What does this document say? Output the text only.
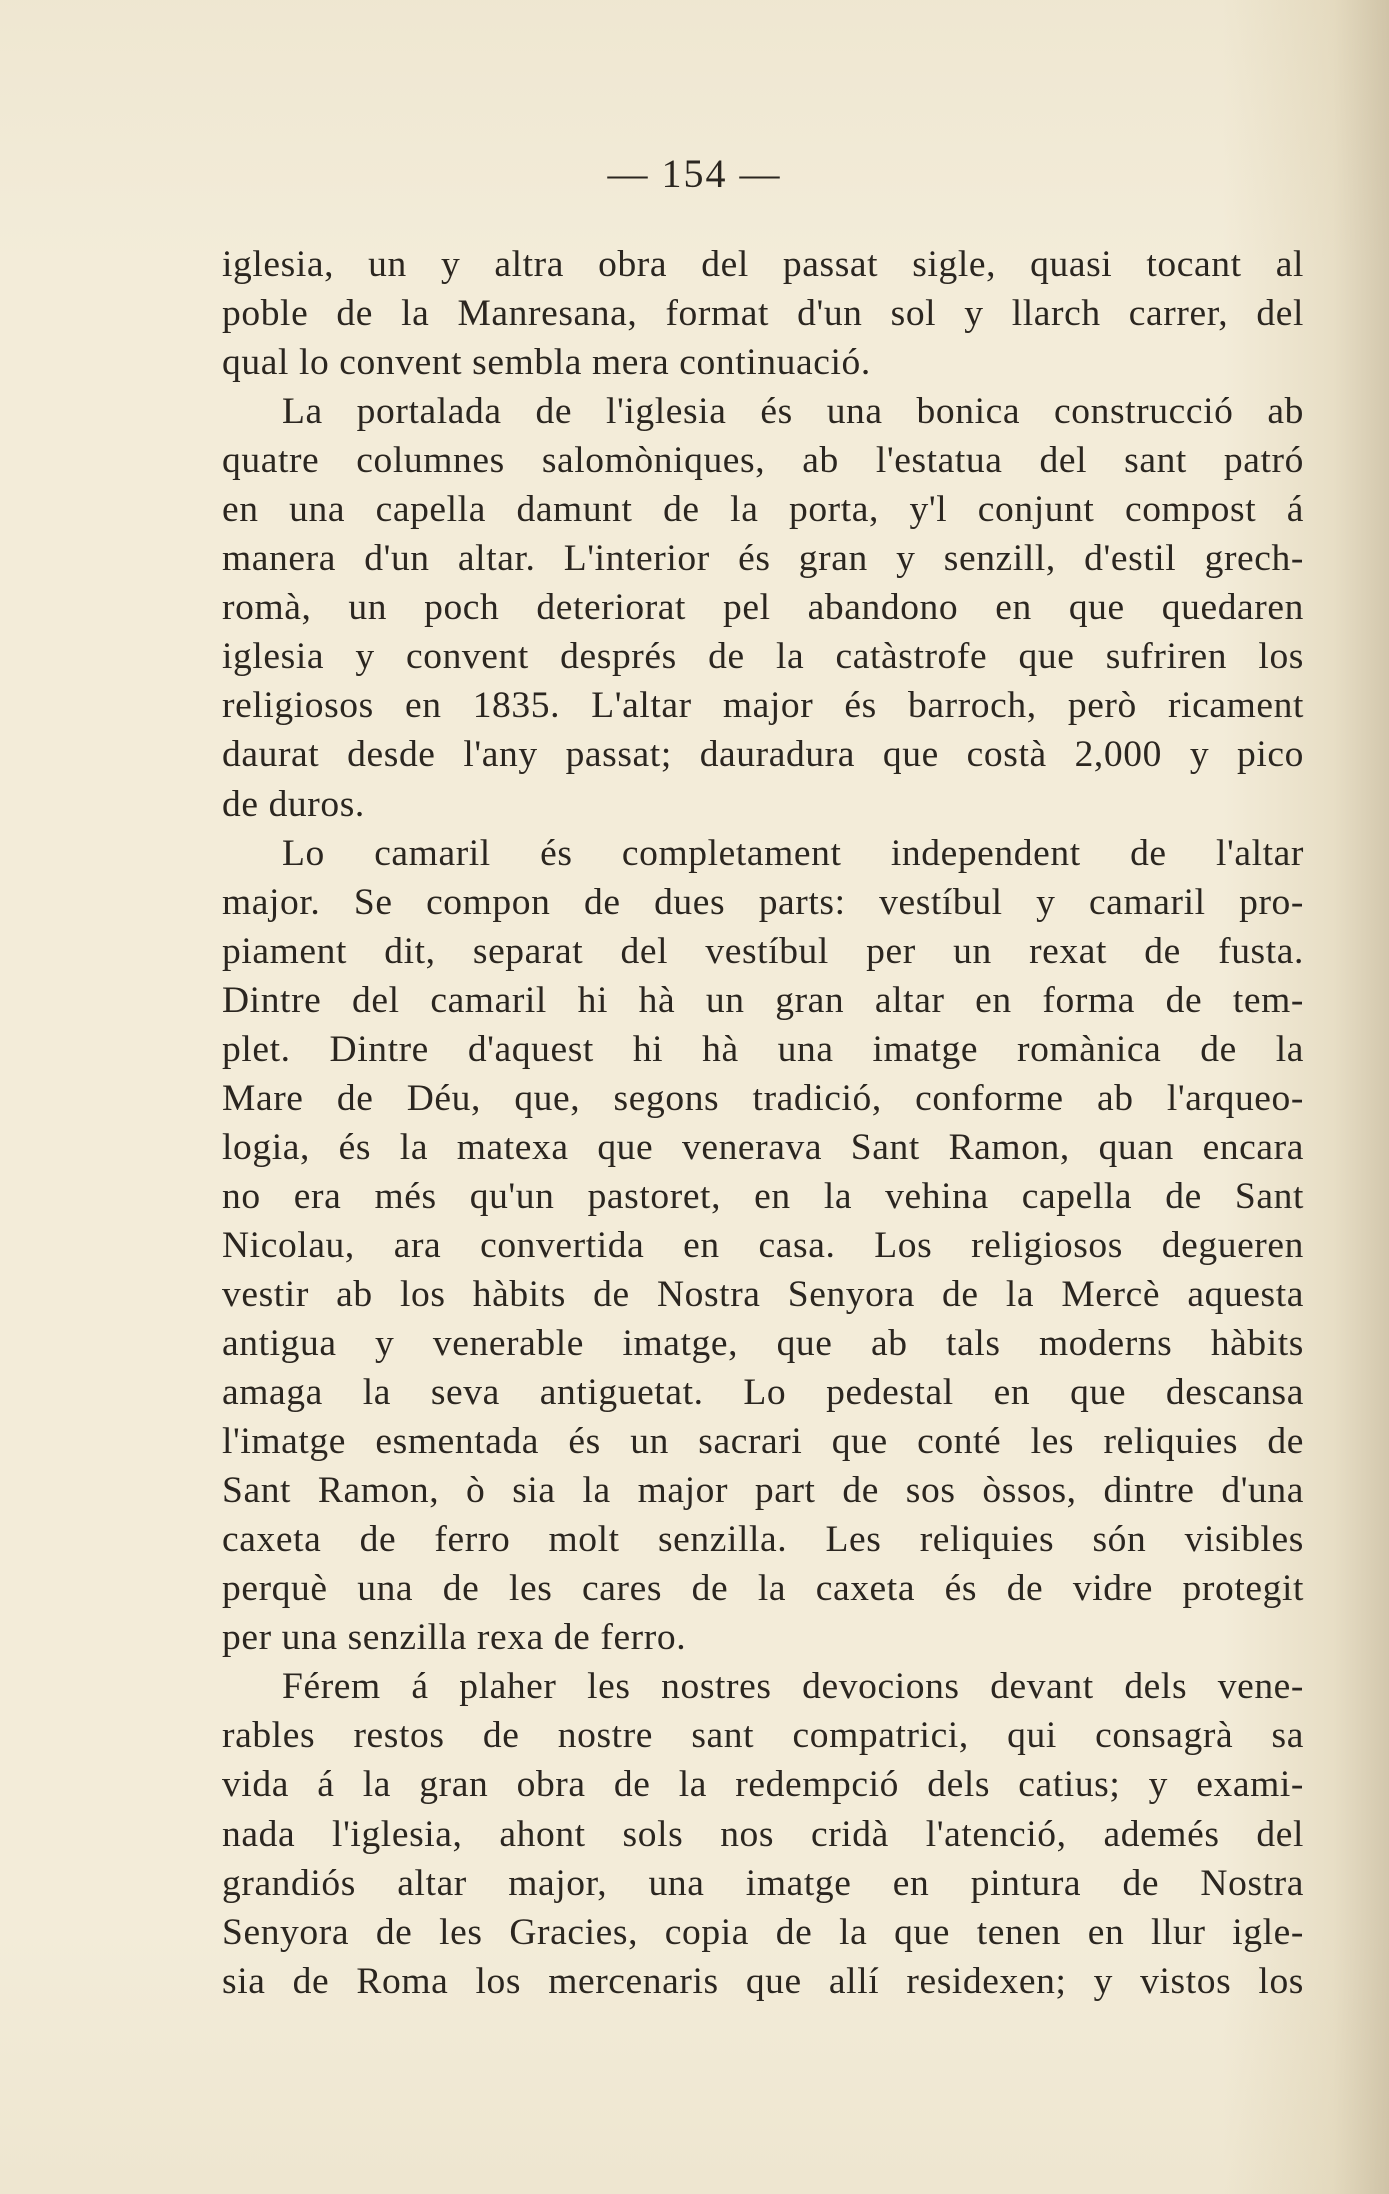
— 154 —
iglesia, un y altra obra del passat sigle, quasi tocant al
poble de la Manresana, format d'un sol y llarch carrer, del
qual lo convent sembla mera continuació.
La portalada de l'iglesia és una bonica construcció ab
quatre columnes salomòniques, ab l'estatua del sant patró
en una capella damunt de la porta, y'l conjunt compost á
manera d'un altar. L'interior és gran y senzill, d'estil grech-
romà, un poch deteriorat pel abandono en que quedaren
iglesia y convent després de la catàstrofe que sufriren los
religiosos en 1835. L'altar major és barroch, però ricament
daurat desde l'any passat; dauradura que costà 2,000 y pico
de duros.
Lo camaril és completament independent de l'altar
major. Se compon de dues parts: vestíbul y camaril pro-
piament dit, separat del vestíbul per un rexat de fusta.
Dintre del camaril hi hà un gran altar en forma de tem-
plet. Dintre d'aquest hi hà una imatge romànica de la
Mare de Déu, que, segons tradició, conforme ab l'arqueo-
logia, és la matexa que venerava Sant Ramon, quan encara
no era més qu'un pastoret, en la vehina capella de Sant
Nicolau, ara convertida en casa. Los religiosos degueren
vestir ab los hàbits de Nostra Senyora de la Mercè aquesta
antigua y venerable imatge, que ab tals moderns hàbits
amaga la seva antiguetat. Lo pedestal en que descansa
l'imatge esmentada és un sacrari que conté les reliquies de
Sant Ramon, ò sia la major part de sos òssos, dintre d'una
caxeta de ferro molt senzilla. Les reliquies són visibles
perquè una de les cares de la caxeta és de vidre protegit
per una senzilla rexa de ferro.
Férem á plaher les nostres devocions devant dels vene-
rables restos de nostre sant compatrici, qui consagrà sa
vida á la gran obra de la redempció dels catius; y exami-
nada l'iglesia, ahont sols nos cridà l'atenció, ademés del
grandiós altar major, una imatge en pintura de Nostra
Senyora de les Gracies, copia de la que tenen en llur igle-
sia de Roma los mercenaris que allí residexen; y vistos los
